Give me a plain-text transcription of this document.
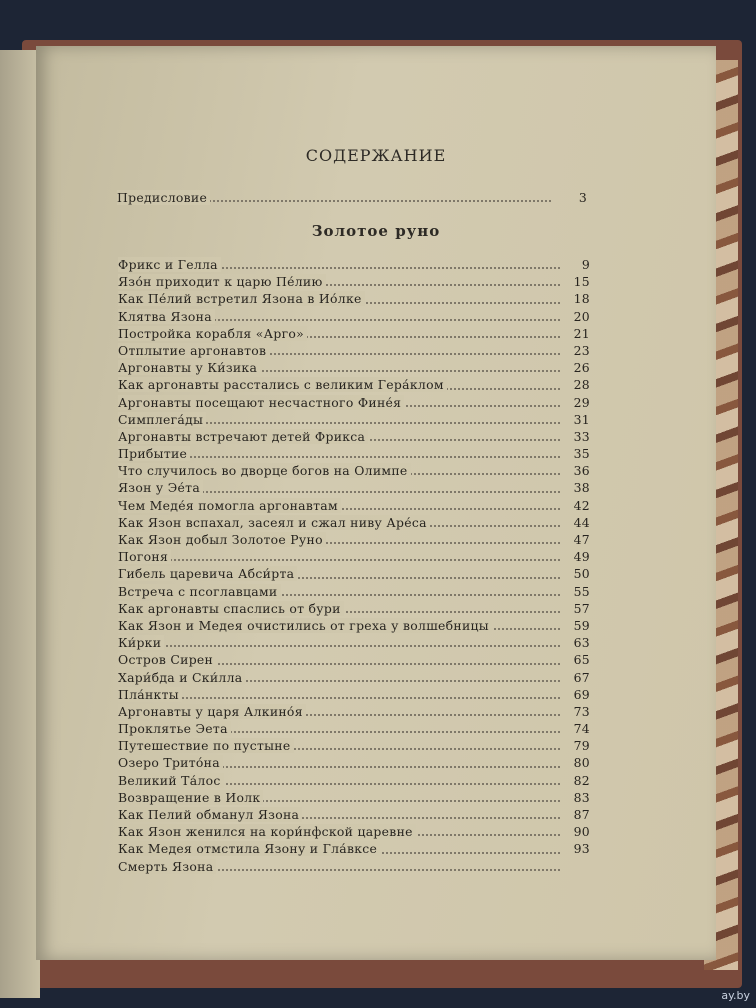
СОДЕРЖАНИЕ
Предисловие	3
Золотое руно
Фрикс и Гелла	9
Язо́н приходит к царю Пе́лию	15
Как Пе́лий встретил Язона в Ио́лке	18
Клятва Язона	20
Постройка корабля «Арго»	21
Отплытие аргонавтов	23
Аргонавты у Ки́зика	26
Как аргонавты расстались с великим Гера́клом	28
Аргонавты посещают несчастного Фине́я	29
Симплега́ды	31
Аргонавты встречают детей Фрикса	33
Прибытие	35
Что случилось во дворце богов на Олимпе	36
Язон у Эе́та	38
Чем Меде́я помогла аргонавтам	42
Как Язон вспахал, засеял и сжал ниву Аре́са	44
Как Язон добыл Золотое Руно	47
Погоня	49
Гибель царевича Абси́рта	50
Встреча с псоглавцами	55
Как аргонавты спаслись от бури	57
Как Язон и Медея очистились от греха у волшебницы	59
Ки́рки	63
Остров Сирен	65
Хари́бда и Ски́лла	67
Пла́нкты	69
Аргонавты у царя Алкино́я	73
Проклятье Эета	74
Путешествие по пустыне	79
Озеро Трито́на	80
Великий Та́лос	82
Возвращение в Иолк	83
Как Пелий обманул Язона	87
Как Язон женился на кори́нфской царевне	90
Как Медея отмстила Язону и Гла́вксе	93
Смерть Язона
ay.by
